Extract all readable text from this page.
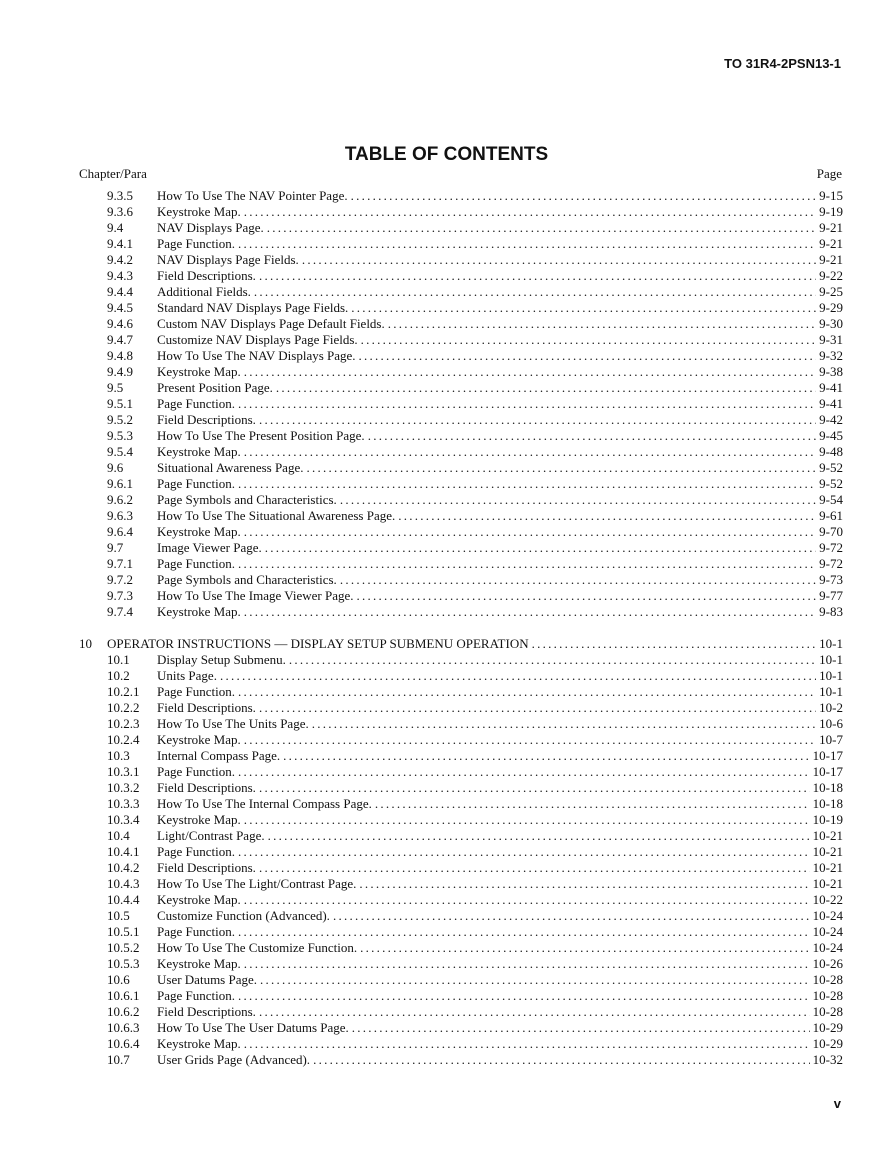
TO 31R4-2PSN13-1
TABLE OF CONTENTS
Chapter/Para	Page
9.3.5	How To Use The NAV Pointer Page. . . .	9-15
9.3.6	Keystroke Map. . . .	9-19
9.4	NAV Displays Page. . . .	9-21
9.4.1	Page Function. . . .	9-21
9.4.2	NAV Displays Page Fields. . . .	9-21
9.4.3	Field Descriptions. . . .	9-22
9.4.4	Additional Fields. . . .	9-25
9.4.5	Standard NAV Displays Page Fields. . . .	9-29
9.4.6	Custom NAV Displays Page Default Fields. . . .	9-30
9.4.7	Customize NAV Displays Page Fields. . . .	9-31
9.4.8	How To Use The NAV Displays Page. . . .	9-32
9.4.9	Keystroke Map. . . .	9-38
9.5	Present Position Page. . . .	9-41
9.5.1	Page Function. . . .	9-41
9.5.2	Field Descriptions. . . .	9-42
9.5.3	How To Use The Present Position Page. . . .	9-45
9.5.4	Keystroke Map. . . .	9-48
9.6	Situational Awareness Page. . . .	9-52
9.6.1	Page Function. . . .	9-52
9.6.2	Page Symbols and Characteristics. . . .	9-54
9.6.3	How To Use The Situational Awareness Page. . . .	9-61
9.6.4	Keystroke Map. . . .	9-70
9.7	Image Viewer Page. . . .	9-72
9.7.1	Page Function. . . .	9-72
9.7.2	Page Symbols and Characteristics. . . .	9-73
9.7.3	How To Use The Image Viewer Page. . . .	9-77
9.7.4	Keystroke Map. . . .	9-83
10	OPERATOR INSTRUCTIONS — DISPLAY SETUP SUBMENU OPERATION . . .	10-1
10.1	Display Setup Submenu. . . .	10-1
10.2	Units Page. . . .	10-1
10.2.1	Page Function. . . .	10-1
10.2.2	Field Descriptions. . . .	10-2
10.2.3	How To Use The Units Page. . . .	10-6
10.2.4	Keystroke Map. . . .	10-7
10.3	Internal Compass Page. . . .	10-17
10.3.1	Page Function. . . .	10-17
10.3.2	Field Descriptions. . . .	10-18
10.3.3	How To Use The Internal Compass Page. . . .	10-18
10.3.4	Keystroke Map. . . .	10-19
10.4	Light/Contrast Page. . . .	10-21
10.4.1	Page Function. . . .	10-21
10.4.2	Field Descriptions. . . .	10-21
10.4.3	How To Use The Light/Contrast Page. . . .	10-21
10.4.4	Keystroke Map. . . .	10-22
10.5	Customize Function (Advanced). . . .	10-24
10.5.1	Page Function. . . .	10-24
10.5.2	How To Use The Customize Function. . . .	10-24
10.5.3	Keystroke Map. . . .	10-26
10.6	User Datums Page. . . .	10-28
10.6.1	Page Function. . . .	10-28
10.6.2	Field Descriptions. . . .	10-28
10.6.3	How To Use The User Datums Page. . . .	10-29
10.6.4	Keystroke Map. . . .	10-29
10.7	User Grids Page (Advanced). . . .	10-32
v
